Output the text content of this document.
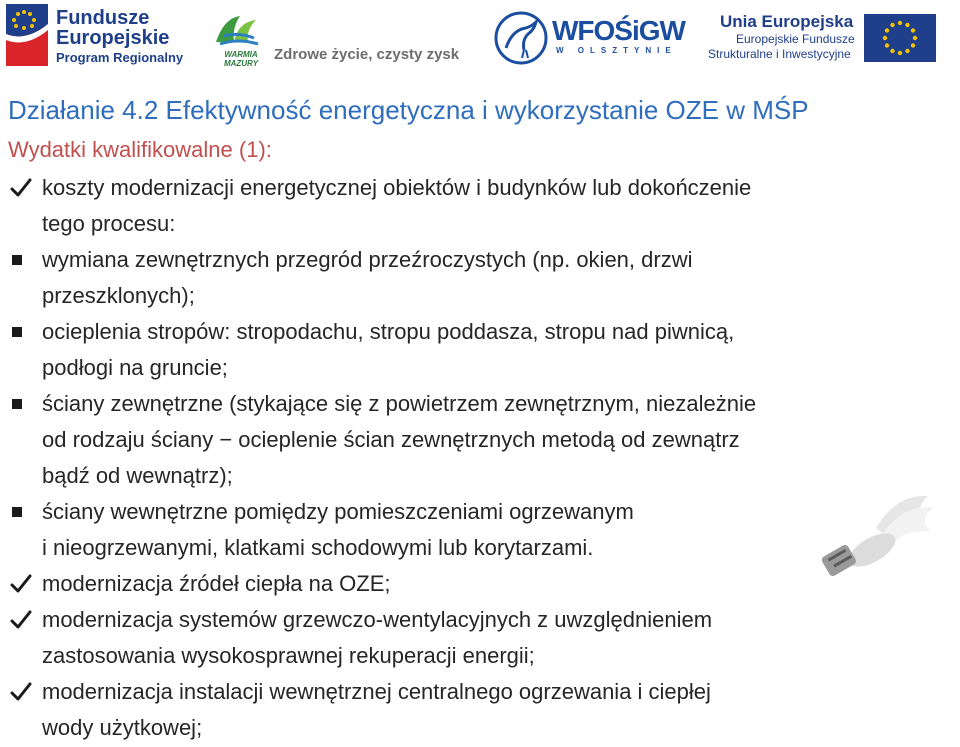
Fundusze
Europejskie
Program Regionalny	WARMIA
MAZURY
Zdrowe życie, czysty zysk
WFOŚiGW
W OLSZTYNIE
Unia Europejska
Europejskie Fundusze
Strukturalne i Inwestycyjne
Działanie 4.2 Efektywność energetyczna i wykorzystanie OZE w MŚP
Wydatki kwalifikowalne (1):
koszty modernizacji energetycznej obiektów i budynków lub dokończenie
tego procesu:
wymiana zewnętrznych przegród przeźroczystych (np. okien, drzwi
przeszklonych);
ocieplenia stropów: stropodachu, stropu poddasza, stropu nad piwnicą,
podłogi na gruncie;
ściany zewnętrzne (stykające się z powietrzem zewnętrznym, niezależnie
od rodzaju ściany − ocieplenie ścian zewnętrznych metodą od zewnątrz
bądź od wewnątrz);
ściany wewnętrzne pomiędzy pomieszczeniami ogrzewanym
i nieogrzewanymi, klatkami schodowymi lub korytarzami.
modernizacja źródeł ciepła na OZE;
modernizacja systemów grzewczo-wentylacyjnych z uwzględnieniem
zastosowania wysokosprawnej rekuperacji energii;
modernizacja instalacji wewnętrznej centralnego ogrzewania i ciepłej
wody użytkowej;
